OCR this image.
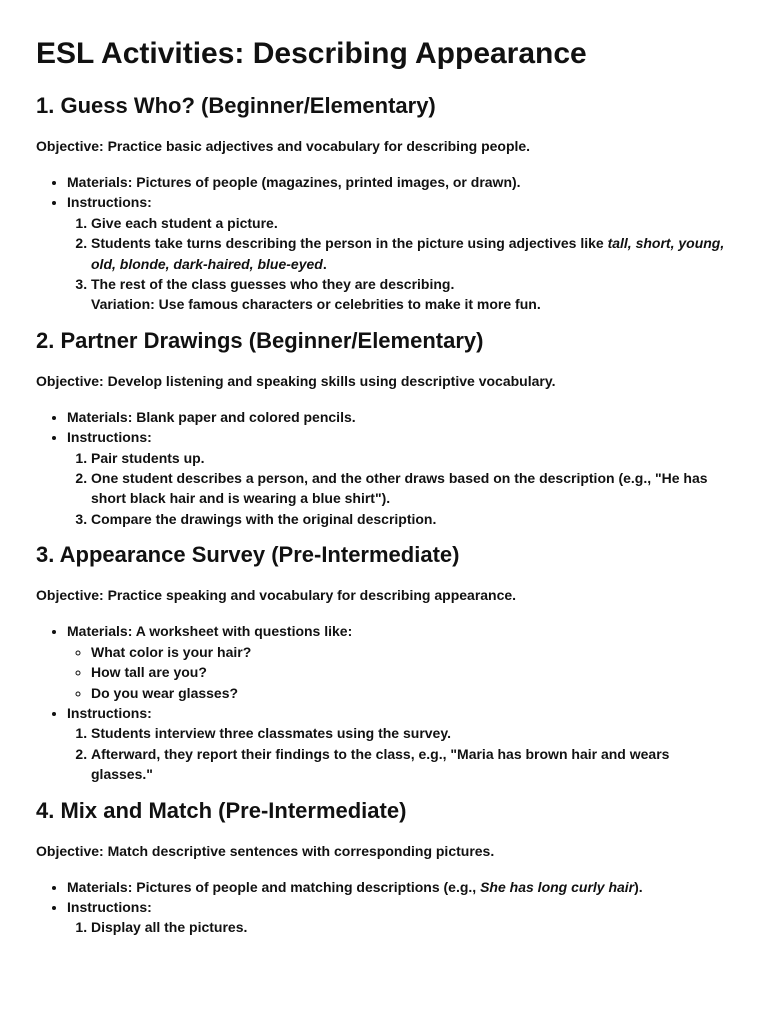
ESL Activities: Describing Appearance
1. Guess Who? (Beginner/Elementary)

Objective: Practice basic adjectives and vocabulary for describing people.

• Materials: Pictures of people (magazines, printed images, or drawn).
• Instructions:
1. Give each student a picture.
2. Students take turns describing the person in the picture using adjectives like tall, short, young, old, blonde, dark-haired, blue-eyed.
3. The rest of the class guesses who they are describing.
Variation: Use famous characters or celebrities to make it more fun.
2. Partner Drawings (Beginner/Elementary)

Objective: Develop listening and speaking skills using descriptive vocabulary.

• Materials: Blank paper and colored pencils.
• Instructions:
1. Pair students up.
2. One student describes a person, and the other draws based on the description (e.g., "He has short black hair and is wearing a blue shirt").
3. Compare the drawings with the original description.
3. Appearance Survey (Pre-Intermediate)

Objective: Practice speaking and vocabulary for describing appearance.

• Materials: A worksheet with questions like:
◦ What color is your hair?
◦ How tall are you?
◦ Do you wear glasses?
• Instructions:
1. Students interview three classmates using the survey.
2. Afterward, they report their findings to the class, e.g., "Maria has brown hair and wears glasses."
4. Mix and Match (Pre-Intermediate)

Objective: Match descriptive sentences with corresponding pictures.

• Materials: Pictures of people and matching descriptions (e.g., She has long curly hair).
• Instructions:
1. Display all the pictures.
